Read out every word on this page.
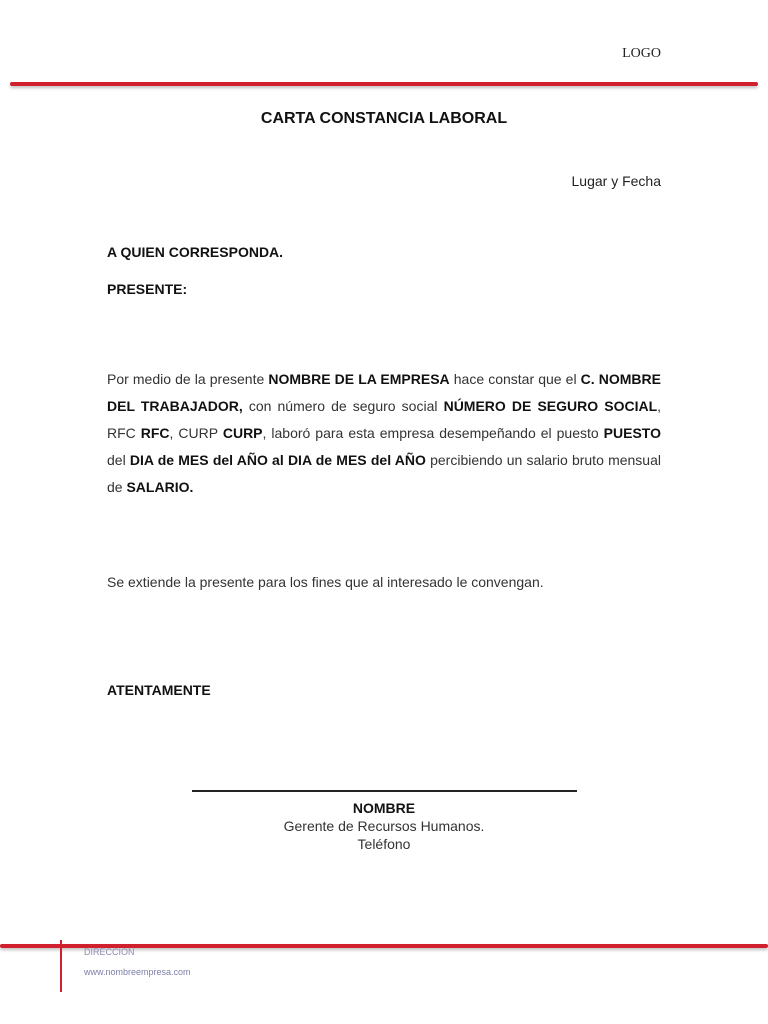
LOGO
CARTA CONSTANCIA LABORAL
Lugar y Fecha
A QUIEN CORRESPONDA.
PRESENTE:

Por medio de la presente NOMBRE DE LA EMPRESA hace constar que el C. NOMBRE DEL TRABAJADOR, con número de seguro social NÚMERO DE SEGURO SOCIAL, RFC RFC, CURP CURP, laboró para esta empresa desempeñando el puesto PUESTO del DIA de MES del AÑO al DIA de MES del AÑO percibiendo un salario bruto mensual de SALARIO.

Se extiende la presente para los fines que al interesado le convengan.
ATENTAMENTE
NOMBRE
Gerente de Recursos Humanos.
Teléfono
DIRECCION
www.nombreempresa.com
